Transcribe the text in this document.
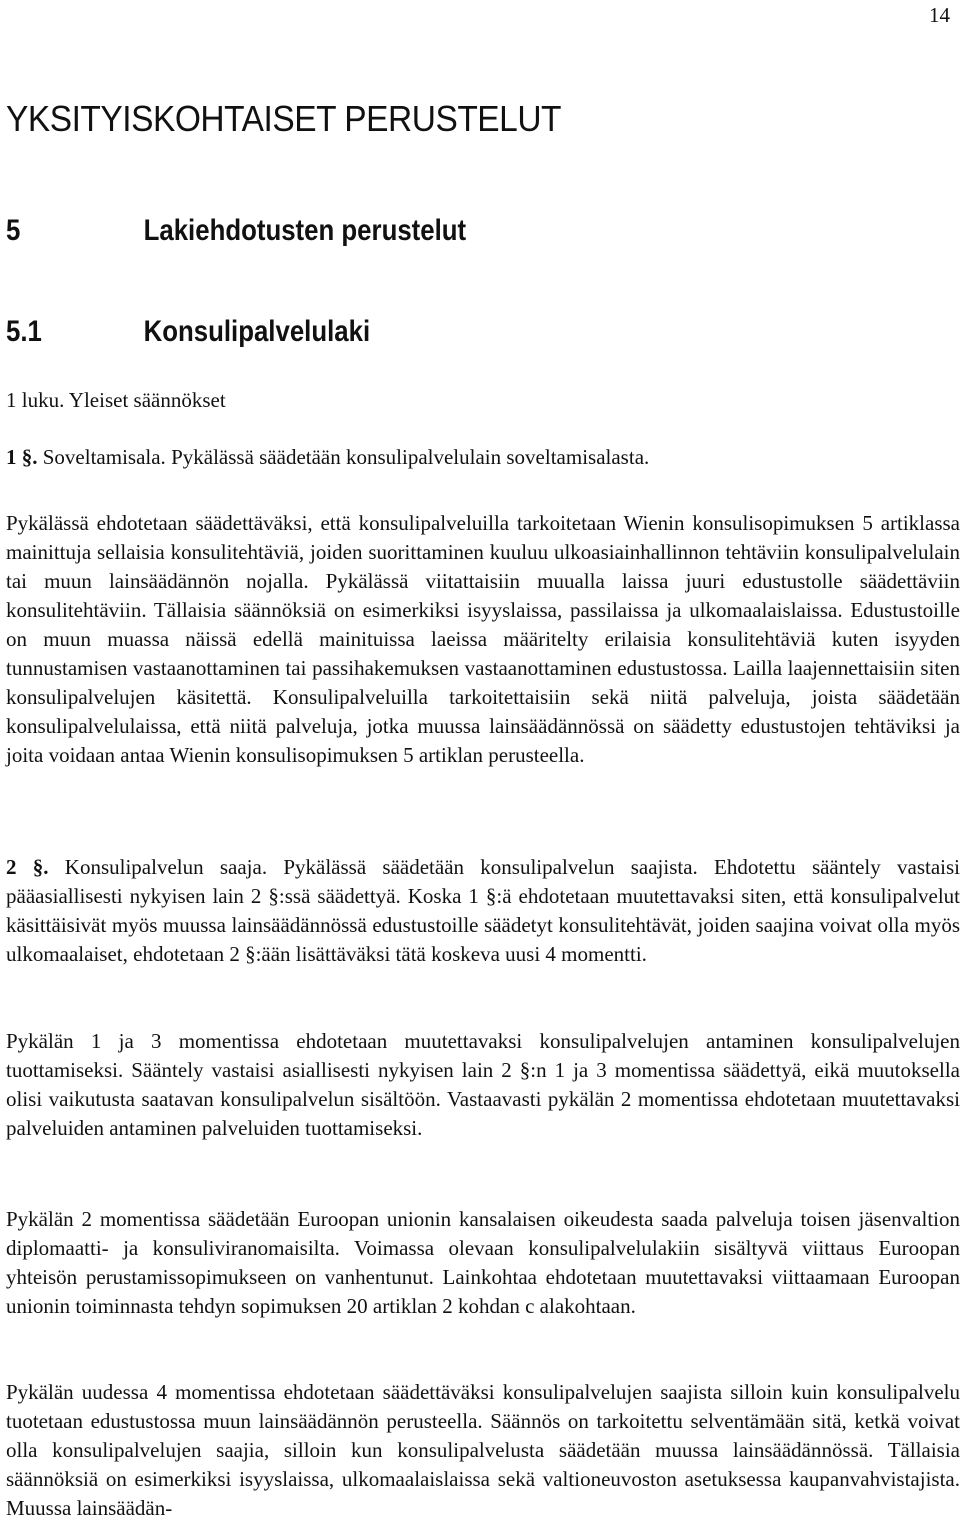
14
YKSITYISKOHTAISET PERUSTELUT
5	Lakiehdotusten perustelut
5.1	Konsulipalvelulaki
1 luku. Yleiset säännökset
1 §. Soveltamisala. Pykälässä säädetään konsulipalvelulain soveltamisalasta.

Pykälässä ehdotetaan säädettäväksi, että konsulipalveluilla tarkoitetaan Wienin konsulisopimuksen 5 artiklassa mainittuja sellaisia konsulitehtäviä, joiden suorittaminen kuuluu ulkoasiainhallinnon tehtäviin konsulipalvelulain tai muun lainsäädännön nojalla. Pykälässä viitattaisiin muualla laissa juuri edustustolle säädettäviin konsulitehtäviin. Tällaisia säännöksiä on esimerkiksi isyyslaissa, passilaissa ja ulkomaalaislaissa. Edustustoille on muun muassa näissä edellä mainituissa laeissa määritelty erilaisia konsulitehtäviä kuten isyyden tunnustamisen vastaanottaminen tai passihakemuksen vastaanottaminen edustustossa. Lailla laajennettaisiin siten konsulipalvelujen käsitettä. Konsulipalveluilla tarkoitettaisiin sekä niitä palveluja, joista säädetään konsulipalvelulaissa, että niitä palveluja, jotka muussa lainsäädännössä on säädetty edustustojen tehtäviksi ja joita voidaan antaa Wienin konsulisopimuksen 5 artiklan perusteella.

2 §. Konsulipalvelun saaja. Pykälässä säädetään konsulipalvelun saajista. Ehdotettu sääntely vastaisi pääasiallisesti nykyisen lain 2 §:ssä säädettyä. Koska 1 §:ä ehdotetaan muutettavaksi siten, että konsulipalvelut käsittäisivät myös muussa lainsäädännössä edustustoille säädetyt konsulitehtävät, joiden saajina voivat olla myös ulkomaalaiset, ehdotetaan 2 §:ään lisättäväksi tätä koskeva uusi 4 momentti.

Pykälän 1 ja 3 momentissa ehdotetaan muutettavaksi konsulipalvelujen antaminen konsulipalvelujen tuottamiseksi. Sääntely vastaisi asiallisesti nykyisen lain 2 §:n 1 ja 3 momentissa säädettyä, eikä muutoksella olisi vaikutusta saatavan konsulipalvelun sisältöön. Vastaavasti pykälän 2 momentissa ehdotetaan muutettavaksi palveluiden antaminen palveluiden tuottamiseksi.

Pykälän 2 momentissa säädetään Euroopan unionin kansalaisen oikeudesta saada palveluja toisen jäsenvaltion diplomaatti- ja konsuliviranomaisilta. Voimassa olevaan konsulipalvelulakiin sisältyvä viittaus Euroopan yhteisön perustamissopimukseen on vanhentunut. Lainkohtaa ehdotetaan muutettavaksi viittaamaan Euroopan unionin toiminnasta tehdyn sopimuksen 20 artiklan 2 kohdan c alakohtaan.

Pykälän uudessa 4 momentissa ehdotetaan säädettäväksi konsulipalvelujen saajista silloin kuin konsulipalvelu tuotetaan edustustossa muun lainsäädännön perusteella. Säännös on tarkoitettu selventämään sitä, ketkä voivat olla konsulipalvelujen saajia, silloin kun konsulipalvelusta säädetään muussa lainsäädännössä. Tällaisia säännöksiä on esimerkiksi isyyslaissa, ulkomaalaislaissa sekä valtioneuvoston asetuksessa kaupanvahvistajista. Muussa lainsäädän-
